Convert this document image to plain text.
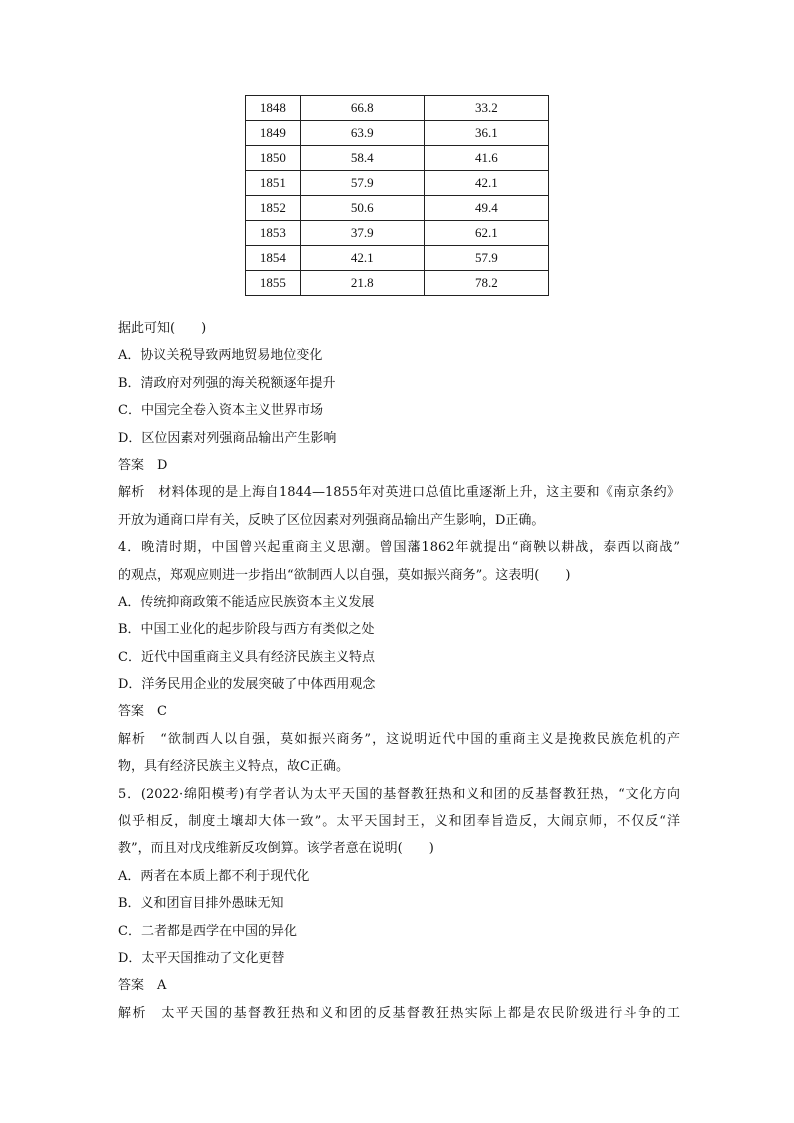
1848	66.8	33.2
1849	63.9	36.1
1850	58.4	41.6
1851	57.9	42.1
1852	50.6	49.4
1853	37.9	62.1
1854	42.1	57.9
1855	21.8	78.2
据此可知(　　)
A．协议关税导致两地贸易地位变化
B．清政府对列强的海关税额逐年提升
C．中国完全卷入资本主义世界市场
D．区位因素对列强商品输出产生影响
答案　D
解析　材料体现的是上海自1844—1855年对英进口总值比重逐渐上升，这主要和《南京条约》
开放为通商口岸有关，反映了区位因素对列强商品输出产生影响，D正确。
4．晚清时期，中国曾兴起重商主义思潮。曾国藩1862年就提出“商鞅以耕战，泰西以商战”
的观点，郑观应则进一步指出“欲制西人以自强，莫如振兴商务”。这表明(　　)
A．传统抑商政策不能适应民族资本主义发展
B．中国工业化的起步阶段与西方有类似之处
C．近代中国重商主义具有经济民族主义特点
D．洋务民用企业的发展突破了中体西用观念
答案　C
解析　“欲制西人以自强，莫如振兴商务”，这说明近代中国的重商主义是挽救民族危机的产
物，具有经济民族主义特点，故C正确。
5．(2022·绵阳模考)有学者认为太平天国的基督教狂热和义和团的反基督教狂热，“文化方向
似乎相反，制度土壤却大体一致”。太平天国封王，义和团奉旨造反，大闹京师，不仅反“洋
教”，而且对戊戌维新反攻倒算。该学者意在说明(　　)
A．两者在本质上都不利于现代化
B．义和团盲目排外愚昧无知
C．二者都是西学在中国的异化
D．太平天国推动了文化更替
答案　A
解析　太平天国的基督教狂热和义和团的反基督教狂热实际上都是农民阶级进行斗争的工
